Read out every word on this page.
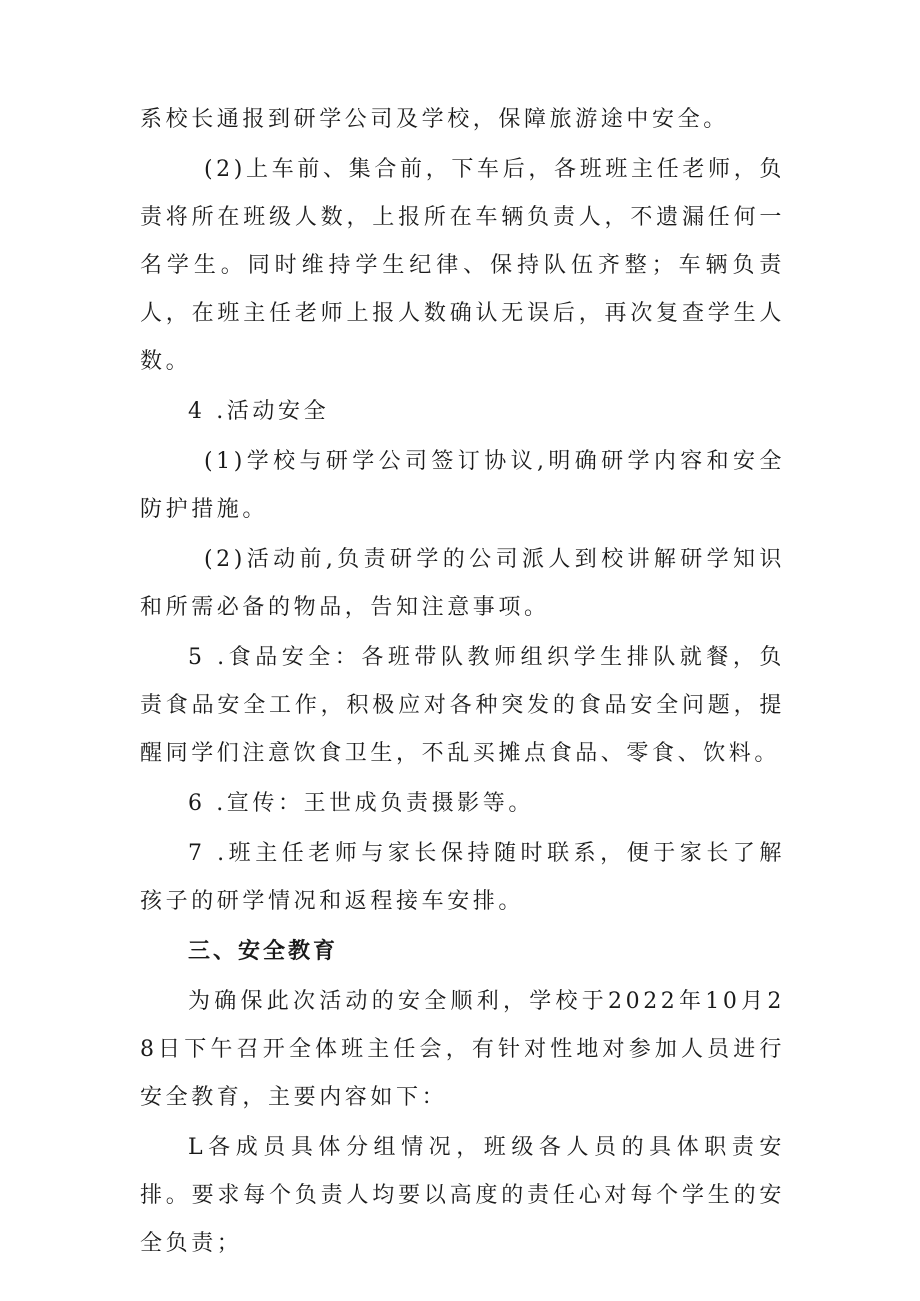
系校长通报到研学公司及学校，保障旅游途中安全。

(2)上车前、集合前，下车后，各班班主任老师，负责将所在班级人数，上报所在车辆负责人，不遗漏任何一名学生。同时维持学生纪律、保持队伍齐整；车辆负责人，在班主任老师上报人数确认无误后，再次复查学生人数。

4 .活动安全

(1)学校与研学公司签订协议,明确研学内容和安全防护措施。

(2)活动前,负责研学的公司派人到校讲解研学知识和所需必备的物品，告知注意事项。

5 .食品安全：各班带队教师组织学生排队就餐，负责食品安全工作，积极应对各种突发的食品安全问题，提醒同学们注意饮食卫生，不乱买摊点食品、零食、饮料。

6 .宣传：王世成负责摄影等。

7 .班主任老师与家长保持随时联系，便于家长了解孩子的研学情况和返程接车安排。

三、安全教育

为确保此次活动的安全顺利，学校于2022年10月28日下午召开全体班主任会，有针对性地对参加人员进行安全教育，主要内容如下：

L各成员具体分组情况，班级各人员的具体职责安排。要求每个负责人均要以高度的责任心对每个学生的安全负责；
